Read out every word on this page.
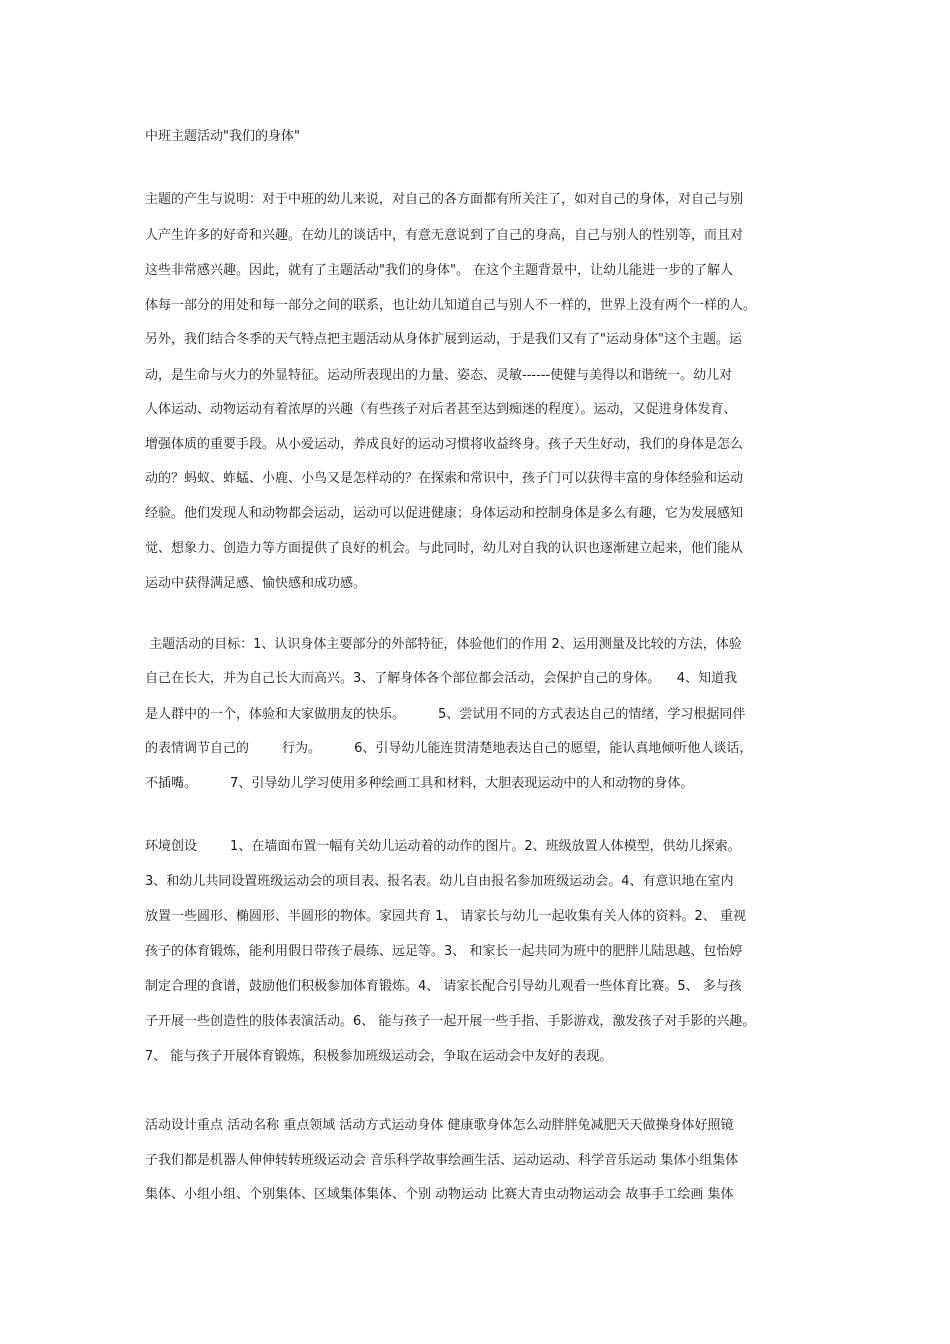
中班主题活动"我们的身体"
主题的产生与说明：对于中班的幼儿来说，对自己的各方面都有所关注了，如对自己的身体，对自己与别
人产生许多的好奇和兴趣。在幼儿的谈话中，有意无意说到了自己的身高，自己与别人的性别等，而且对
这些非常感兴趣。因此，就有了主题活动"我们的身体"。 在这个主题背景中，让幼儿能进一步的了解人
体每一部分的用处和每一部分之间的联系，也让幼儿知道自己与别人不一样的，世界上没有两个一样的人。
另外，我们结合冬季的天气特点把主题活动从身体扩展到运动，于是我们又有了"运动身体"这个主题。运
动，是生命与火力的外显特征。运动所表现出的力量、姿态、灵敏------使健与美得以和谐统一。幼儿对
人体运动、动物运动有着浓厚的兴趣（有些孩子对后者甚至达到痴迷的程度）。运动，又促进身体发育、
增强体质的重要手段。从小爱运动，养成良好的运动习惯将收益终身。孩子天生好动，我们的身体是怎么
动的？蚂蚁、蚱蜢、小鹿、小鸟又是怎样动的？在探索和常识中，孩子门可以获得丰富的身体经验和运动
经验。他们发现人和动物都会运动，运动可以促进健康；身体运动和控制身体是多么有趣，它为发展感知
觉、想象力、创造力等方面提供了良好的机会。与此同时，幼儿对自我的认识也逐渐建立起来，他们能从
运动中获得满足感、愉快感和成功感。
主题活动的目标：1、认识身体主要部分的外部特征，体验他们的作用 2、运用测量及比较的方法，体验
自己在长大，并为自己长大而高兴。3、了解身体各个部位都会活动，会保护自己的身体。    4、知道我
是人群中的一个，体验和大家做朋友的快乐。        5、尝试用不同的方式表达自己的情绪，学习根据同伴
的表情调节自己的        行为。        6、引导幼儿能连贯清楚地表达自己的愿望，能认真地倾听他人谈话，
不插嘴。        7、引导幼儿学习使用多种绘画工具和材料，大胆表现运动中的人和动物的身体。
环境创设        1、在墙面布置一幅有关幼儿运动着的动作的图片。2、班级放置人体模型，供幼儿探索。
3、和幼儿共同设置班级运动会的项目表、报名表。幼儿自由报名参加班级运动会。4、有意识地在室内
放置一些圆形、椭圆形、半圆形的物体。家园共育 1、 请家长与幼儿一起收集有关人体的资料。2、 重视
孩子的体育锻炼，能利用假日带孩子晨练、远足等。3、 和家长一起共同为班中的肥胖儿陆思越、包怡婷
制定合理的食谱，鼓励他们积极参加体育锻炼。4、 请家长配合引导幼儿观看一些体育比赛。5、 多与孩
子开展一些创造性的肢体表演活动。6、 能与孩子一起开展一些手指、手影游戏，激发孩子对手影的兴趣。
7、 能与孩子开展体育锻炼，积极参加班级运动会，争取在运动会中友好的表现。
活动设计重点 活动名称 重点领域 活动方式运动身体 健康歌身体怎么动胖胖兔减肥天天做操身体好照镜
子我们都是机器人伸伸转转班级运动会 音乐科学故事绘画生活、运动运动、科学音乐运动 集体小组集体
集体、小组小组、个别集体、区域集体集体、个别 动物运动 比赛大青虫动物运动会 故事手工绘画 集体
